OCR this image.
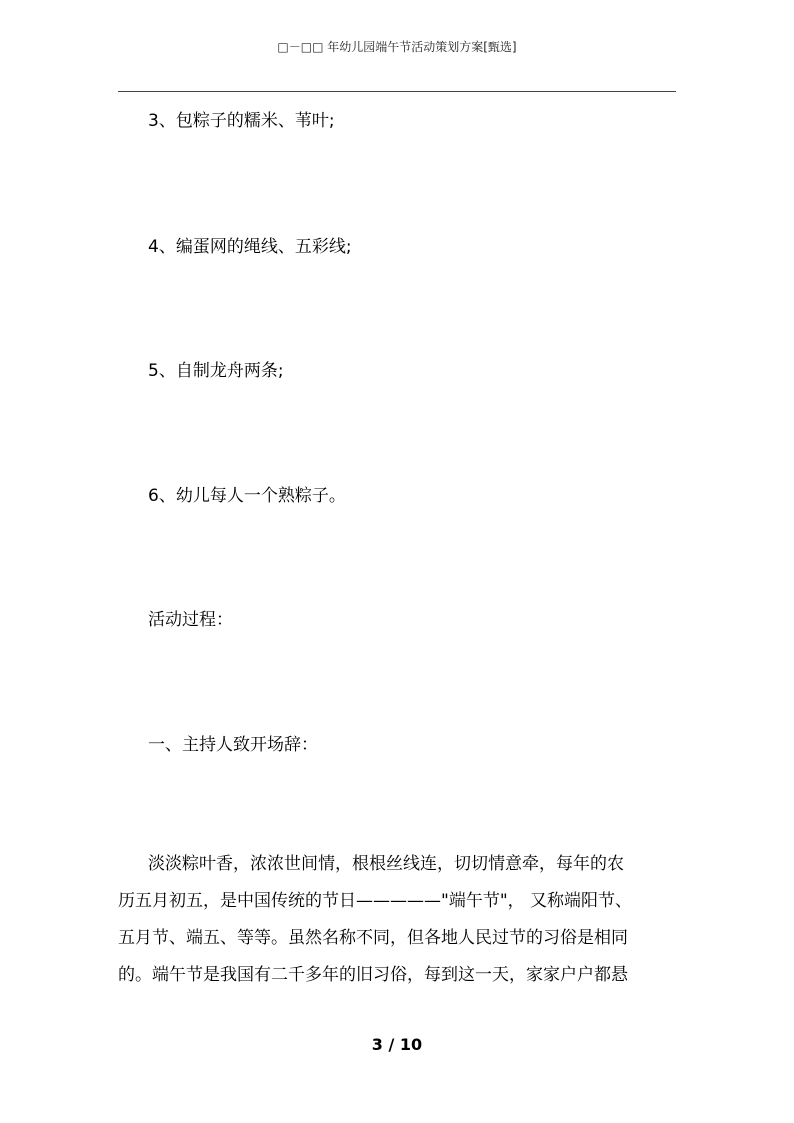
□－□□ 年幼儿园端午节活动策划方案[甄选]
3、包粽子的糯米、苇叶;
4、编蛋网的绳线、五彩线;
5、自制龙舟两条;
6、幼儿每人一个熟粽子。
活动过程：
一、主持人致开场辞：
淡淡粽叶香，浓浓世间情，根根丝线连，切切情意牵，每年的农
历五月初五，是中国传统的节日—————"端午节"， 又称端阳节、
五月节、端五、等等。虽然名称不同，但各地人民过节的习俗是相同
的。端午节是我国有二千多年的旧习俗，每到这一天，家家户户都悬
3 / 10
